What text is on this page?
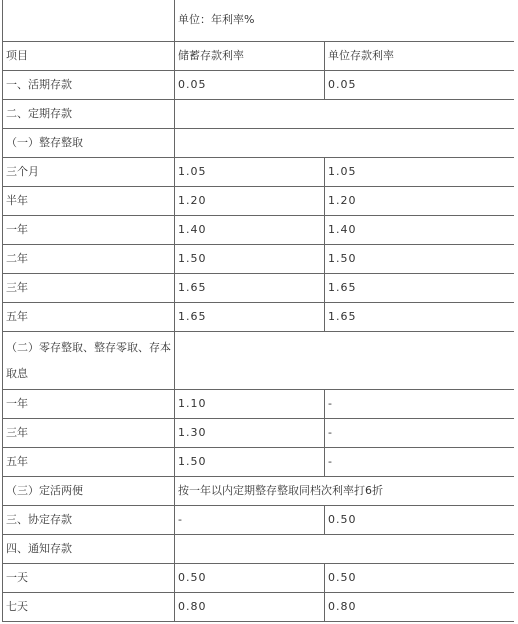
	单位：年利率%	
项目	储蓄存款利率	单位存款利率
一、活期存款	0.05	0.05
二、定期存款		
（一）整存整取		
三个月	1.05	1.05
半年	1.20	1.20
一年	1.40	1.40
二年	1.50	1.50
三年	1.65	1.65
五年	1.65	1.65
（二）零存整取、整存零取、存本取息		
一年	1.10	-
三年	1.30	-
五年	1.50	-
（三）定活两便	按一年以内定期整存整取同档次利率打6折	
三、协定存款	-	0.50
四、通知存款		
一天	0.50	0.50
七天	0.80	0.80
